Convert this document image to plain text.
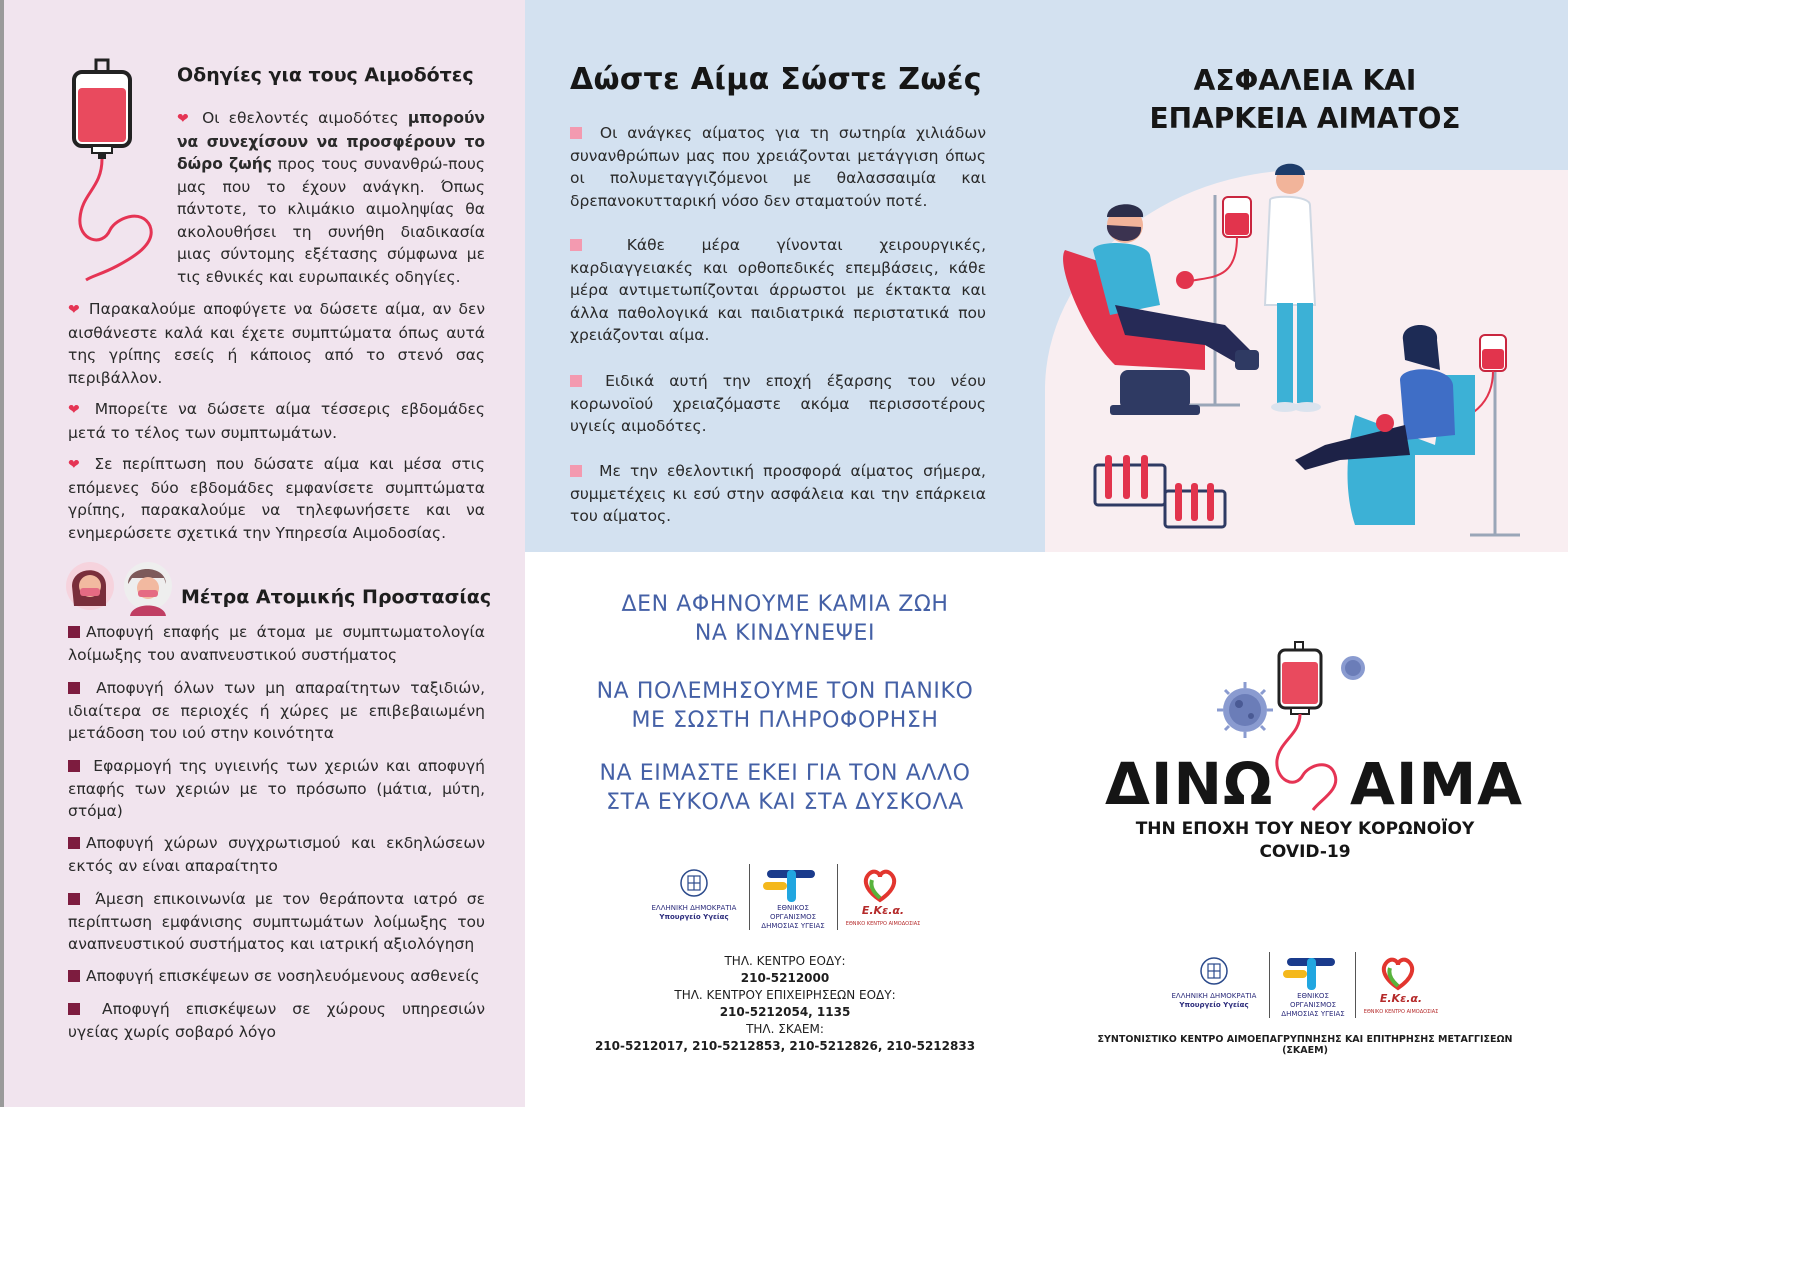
Οδηγίες για τους Αιμοδότες
❤ Οι εθελοντές αιμοδότες μπορούν να συνεχίσουν να προσφέρουν το δώρο ζωής προς τους συνανθρώ-πους μας που το έχουν ανάγκη. Όπως πάντοτε, το κλιμάκιο αιμοληψίας θα ακολουθήσει τη συνήθη διαδικασία μιας σύντομης εξέτασης σύμφωνα με τις εθνικές και ευρωπαικές οδηγίες.
❤ Παρακαλούμε αποφύγετε να δώσετε αίμα, αν δεν αισθάνεστε καλά και έχετε συμπτώματα όπως αυτά της γρίπης εσείς ή κάποιος από το στενό σας περιβάλλον.
❤ Μπορείτε να δώσετε αίμα τέσσερις εβδομάδες μετά το τέλος των συμπτωμάτων.
❤ Σε περίπτωση που δώσατε αίμα και μέσα στις επόμενες δύο εβδομάδες εμφανίσετε συμπτώματα γρίπης, παρακαλούμε να τηλεφωνήσετε και να ενημερώσετε σχετικά την Υπηρεσία Αιμοδοσίας.
Μέτρα Ατομικής Προστασίας
Αποφυγή επαφής με άτομα με συμπτωματολογία λοίμωξης του αναπνευστικού συστήματος
Αποφυγή όλων των μη απαραίτητων ταξιδιών, ιδιαίτερα σε περιοχές ή χώρες με επιβεβαιωμένη μετάδοση του ιού στην κοινότητα
Εφαρμογή της υγιεινής των χεριών και αποφυγή επαφής των χεριών με το πρόσωπο (μάτια, μύτη, στόμα)
Αποφυγή χώρων συγχρωτισμού και εκδηλώσεων εκτός αν είναι απαραίτητο
Άμεση επικοινωνία με τον θεράποντα ιατρό σε περίπτωση εμφάνισης συμπτωμάτων λοίμωξης του αναπνευστικού συστήματος και ιατρική αξιολόγηση
Αποφυγή επισκέψεων σε νοσηλευόμενους ασθενείς
Αποφυγή επισκέψεων σε χώρους υπηρεσιών υγείας χωρίς σοβαρό λόγο
Δώστε Αίμα Σώστε Ζωές
Οι ανάγκες αίματος για τη σωτηρία χιλιάδων συνανθρώπων μας που χρειάζονται μετάγγιση όπως οι πολυμεταγγιζόμενοι με θαλασσαιμία και δρεπανοκυτταρική νόσο δεν σταματούν ποτέ.
Κάθε μέρα γίνονται χειρουργικές, καρδιαγγειακές και ορθοπεδικές επεμβάσεις, κάθε μέρα αντιμετωπίζονται άρρωστοι με έκτακτα και άλλα παθολογικά και παιδιατρικά περιστατικά που χρειάζονται αίμα.
Ειδικά αυτή την εποχή έξαρσης του νέου κορωνοϊού χρειαζόμαστε ακόμα περισσοτέρους υγιείς αιμοδότες.
Με την εθελοντική προσφορά αίματος σήμερα, συμμετέχεις κι εσύ στην ασφάλεια και την επάρκεια του αίματος.
ΔΕΝ ΑΦΗΝΟΥΜΕ ΚΑΜΙΑ ΖΩΗ
ΝΑ ΚΙΝΔΥΝΕΨΕΙ
ΝΑ ΠΟΛΕΜΗΣΟΥΜΕ ΤΟΝ ΠΑΝΙΚΟ
ΜΕ ΣΩΣΤΗ ΠΛΗΡΟΦΟΡΗΣΗ
ΝΑ ΕΙΜΑΣΤΕ ΕΚΕΙ ΓΙΑ ΤΟΝ ΑΛΛΟ
ΣΤΑ ΕΥΚΟΛΑ ΚΑΙ ΣΤΑ ΔΥΣΚΟΛΑ
ΕΛΛΗΝΙΚΗ ΔΗΜΟΚΡΑΤΙΑ
Υπουργείο Υγείας
ΕΘΝΙΚΟΣ ΟΡΓΑΝΙΣΜΟΣ
ΔΗΜΟΣΙΑΣ ΥΓΕΙΑΣ
Ε.Κε.α.
ΕΘΝΙΚΟ ΚΕΝΤΡΟ ΑΙΜΟΔΟΣΙΑΣ
ΤΗΛ. ΚΕΝΤΡΟ ΕΟΔΥ:
210-5212000
ΤΗΛ. ΚΕΝΤΡΟΥ ΕΠΙΧΕΙΡΗΣΕΩΝ ΕΟΔΥ:
210-5212054, 1135
ΤΗΛ. ΣΚΑΕΜ:
210-5212017, 210-5212853, 210-5212826, 210-5212833
ΑΣΦΑΛΕΙΑ ΚΑΙ
ΕΠΑΡΚΕΙΑ ΑΙΜΑΤΟΣ
ΔΙΝΩ ΑΙΜΑ
ΤΗΝ ΕΠΟΧΗ ΤΟΥ ΝΕΟΥ ΚΟΡΩΝΟΪΟΥ
COVID-19
ΕΛΛΗΝΙΚΗ ΔΗΜΟΚΡΑΤΙΑ
Υπουργείο Υγείας
ΕΘΝΙΚΟΣ ΟΡΓΑΝΙΣΜΟΣ
ΔΗΜΟΣΙΑΣ ΥΓΕΙΑΣ
Ε.Κε.α.
ΕΘΝΙΚΟ ΚΕΝΤΡΟ ΑΙΜΟΔΟΣΙΑΣ
ΣΥΝΤΟΝΙΣΤΙΚΟ ΚΕΝΤΡΟ ΑΙΜΟΕΠΑΓΡΥΠΝΗΣΗΣ ΚΑΙ ΕΠΙΤΗΡΗΣΗΣ ΜΕΤΑΓΓΙΣΕΩΝ (ΣΚΑΕΜ)
